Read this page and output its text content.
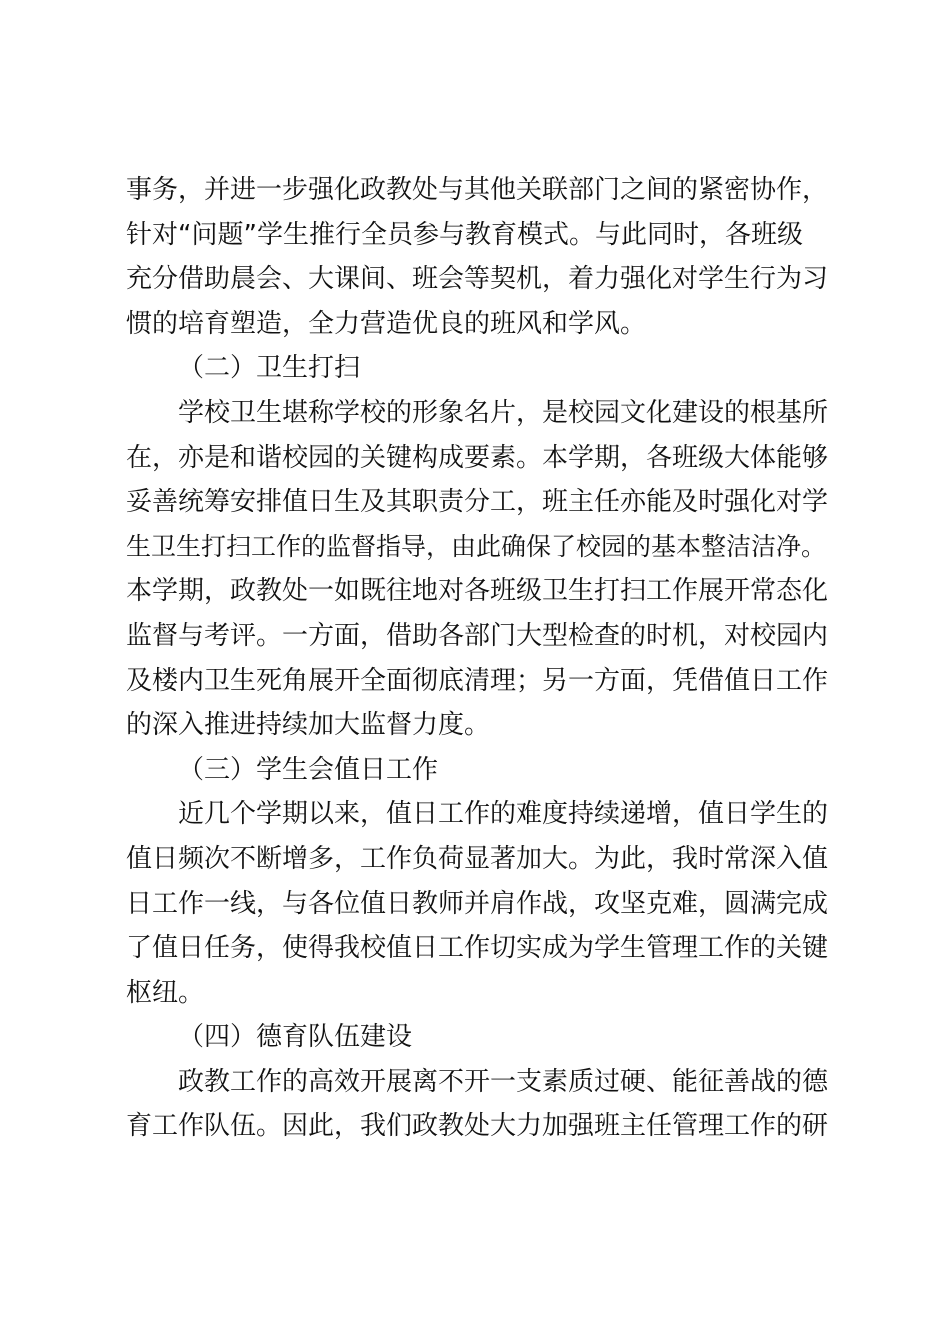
事务，并进一步强化政教处与其他关联部门之间的紧密协作，
针对“问题”学生推行全员参与教育模式。与此同时，各班级
充分借助晨会、大课间、班会等契机，着力强化对学生行为习
惯的培育塑造，全力营造优良的班风和学风。
（二）卫生打扫
学校卫生堪称学校的形象名片，是校园文化建设的根基所
在，亦是和谐校园的关键构成要素。本学期，各班级大体能够
妥善统筹安排值日生及其职责分工，班主任亦能及时强化对学
生卫生打扫工作的监督指导，由此确保了校园的基本整洁洁净。
本学期，政教处一如既往地对各班级卫生打扫工作展开常态化
监督与考评。一方面，借助各部门大型检查的时机，对校园内
及楼内卫生死角展开全面彻底清理；另一方面，凭借值日工作
的深入推进持续加大监督力度。
（三）学生会值日工作
近几个学期以来，值日工作的难度持续递增，值日学生的
值日频次不断增多，工作负荷显著加大。为此，我时常深入值
日工作一线，与各位值日教师并肩作战，攻坚克难，圆满完成
了值日任务，使得我校值日工作切实成为学生管理工作的关键
枢纽。
（四）德育队伍建设
政教工作的高效开展离不开一支素质过硬、能征善战的德
育工作队伍。因此，我们政教处大力加强班主任管理工作的研
